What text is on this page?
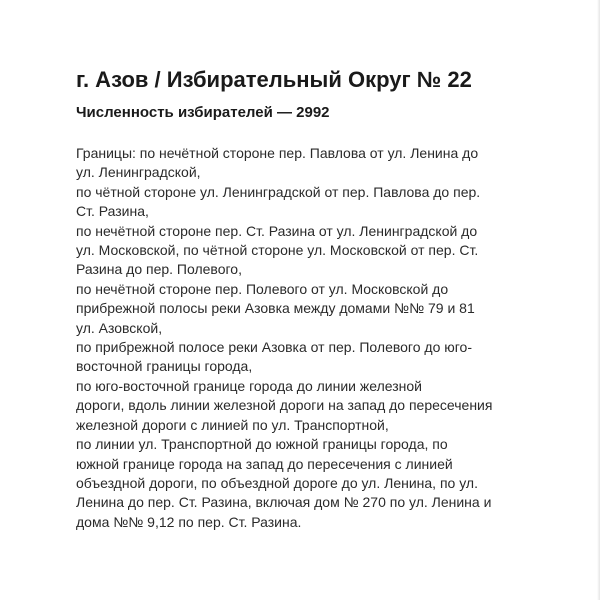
г. Азов / Избирательный Округ № 22
Численность избирателей — 2992
Границы: по нечётной стороне пер. Павлова от ул. Ленина до
ул. Ленинградской,
по чётной стороне ул. Ленинградской от пер. Павлова до пер.
Ст. Разина,
по нечётной стороне пер. Ст. Разина от ул. Ленинградской до
ул. Московской, по чётной стороне ул. Московской от пер. Ст.
Разина до пер. Полевого,
по нечётной стороне пер. Полевого от ул. Московской до
прибрежной полосы реки Азовка между домами №№ 79 и 81
ул. Азовской,
по прибрежной полосе реки Азовка от пер. Полевого до юго-
восточной границы города,
по юго-восточной границе города до линии железной
дороги, вдоль линии железной дороги на запад до пересечения
железной дороги с линией по ул. Транспортной,
по линии ул. Транспортной до южной границы города, по
южной границе города на запад до пересечения с линией
объездной дороги, по объездной дороге до ул. Ленина, по ул.
Ленина до пер. Ст. Разина, включая дом № 270 по ул. Ленина и
дома №№ 9,12 по пер. Ст. Разина.
